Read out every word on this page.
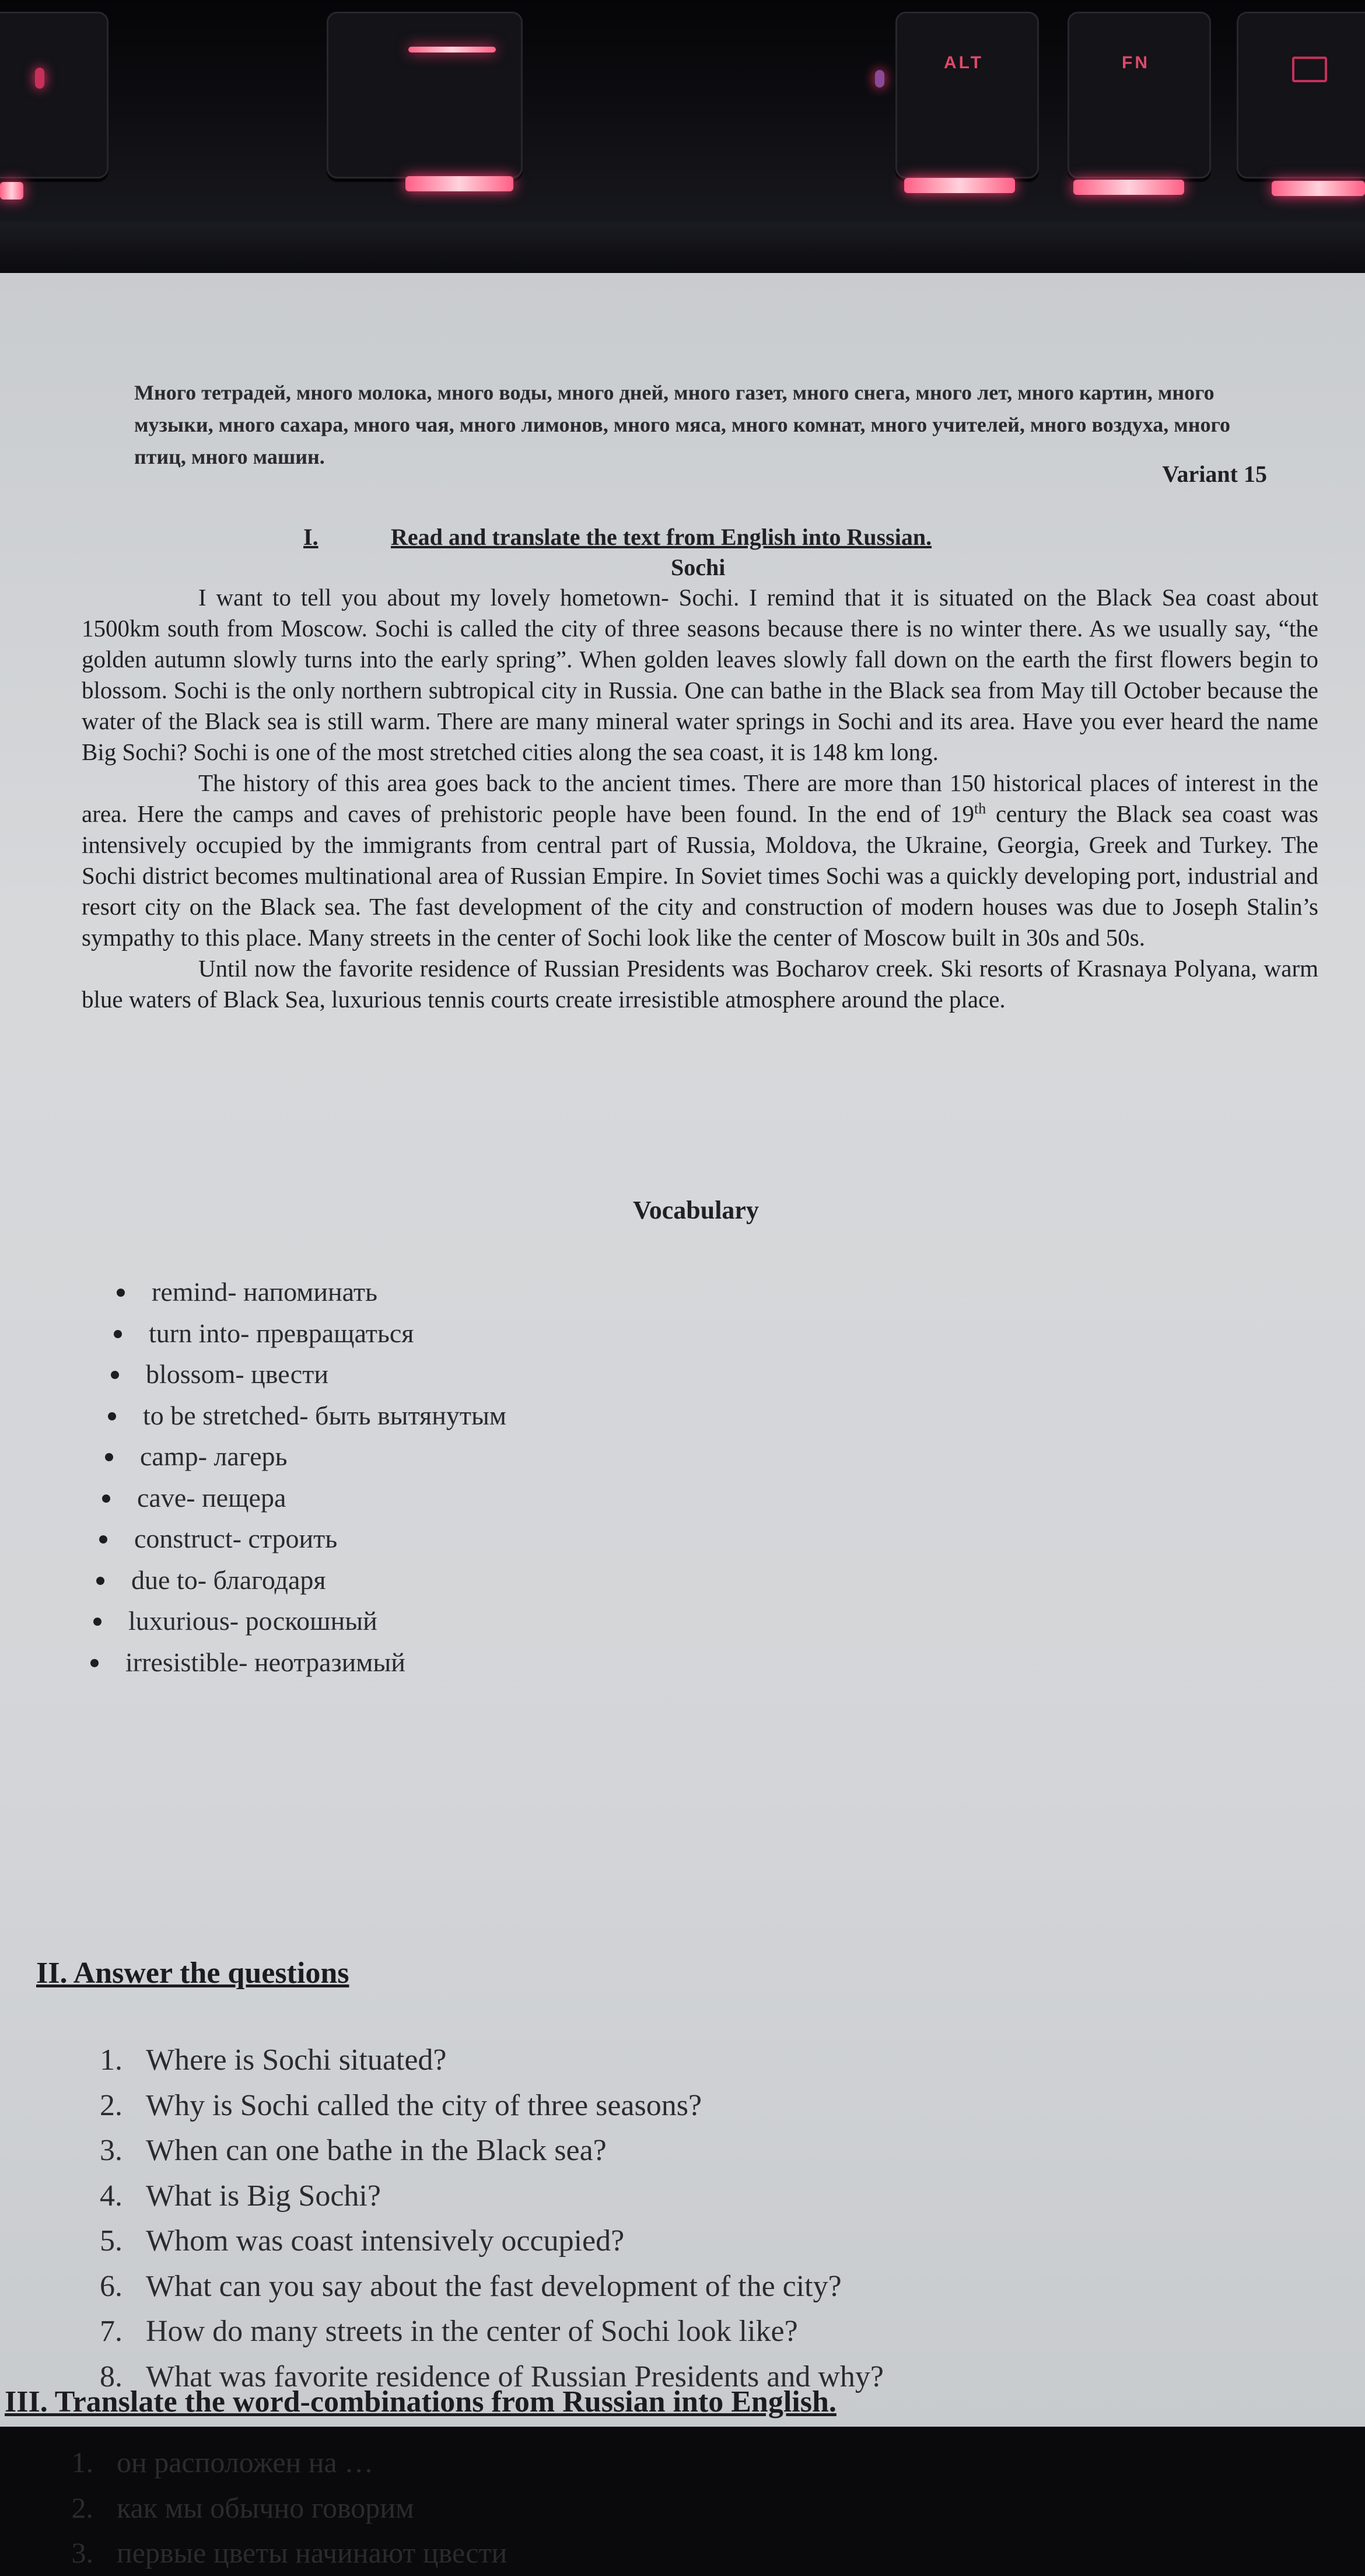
ALT	FN
Много тетрадей, много молока, много воды, много дней, много газет, много снега, много лет, много картин, много музыки, много сахара, много чая, много лимонов, много мяса, много комнат, много учителей, много воздуха, много птиц, много машин.
Variant 15
I.	Read and translate the text from English into Russian.
Sochi

I want to tell you about my lovely hometown- Sochi. I remind that it is situated on the Black Sea coast about 1500km south from Moscow. Sochi is called the city of three seasons because there is no winter there. As we usually say, “the golden autumn slowly turns into the early spring”. When golden leaves slowly fall down on the earth the first flowers begin to blossom. Sochi is the only northern subtropical city in Russia. One can bathe in the Black sea from May till October because the water of the Black sea is still warm. There are many mineral water springs in Sochi and its area. Have you ever heard the name Big Sochi? Sochi is one of the most stretched cities along the sea coast, it is 148 km long.

The history of this area goes back to the ancient times. There are more than 150 historical places of interest in the area. Here the camps and caves of prehistoric people have been found. In the end of 19th century the Black sea coast was intensively occupied by the immigrants from central part of Russia, Moldova, the Ukraine, Georgia, Greek and Turkey. The Sochi district becomes multinational area of Russian Empire. In Soviet times Sochi was a quickly developing port, industrial and resort city on the Black sea. The fast development of the city and construction of modern houses was due to Joseph Stalin’s sympathy to this place. Many streets in the center of Sochi look like the center of Moscow built in 30s and 50s.

Until now the favorite residence of Russian Presidents was Bocharov creek. Ski resorts of Krasnaya Polyana, warm blue waters of Black Sea, luxurious tennis courts create irresistible atmosphere around the place.

Vocabulary
remind- напоминать
turn into- превращаться
blossom- цвести
to be stretched- быть вытянутым
camp- лагерь
cave- пещера
construct- строить
due to- благодаря
luxurious- роскошный
irresistible- неотразимый
II. Answer the questions
1. Where is Sochi situated?
2. Why is Sochi called the city of three seasons?
3. When can one bathe in the Black sea?
4. What is Big Sochi?
5. Whom was coast intensively occupied?
6. What can you say about the fast development of the city?
7. How do many streets in the center of Sochi look like?
8. What was favorite residence of Russian Presidents and why?
III. Translate the word-combinations from Russian into English.
1. он расположен на …
2. как мы обычно говорим
3. первые цветы начинают цвести
